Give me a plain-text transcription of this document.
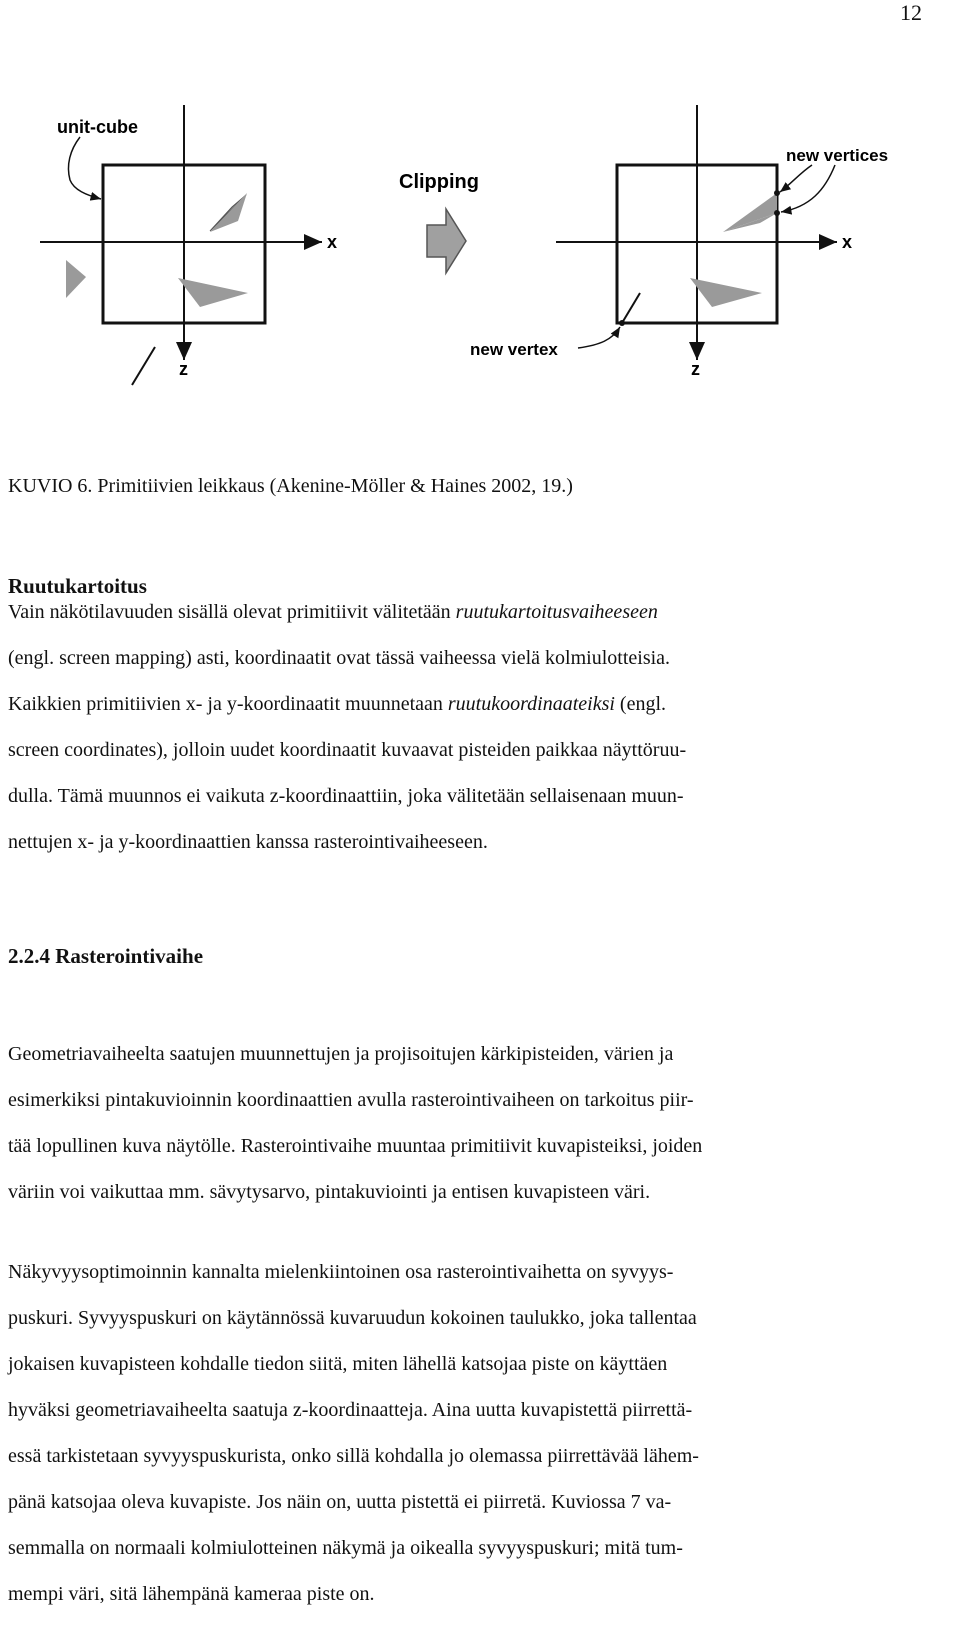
12
unit-cube
x
z
Clipping
new vertices
new vertex
x
z
KUVIO 6. Primitiivien leikkaus (Akenine-Möller & Haines 2002, 19.)
Ruutukartoitus
Vain näkötilavuuden sisällä olevat primitiivit välitetään ruutukartoitusvaiheeseen
(engl. screen mapping) asti, koordinaatit ovat tässä vaiheessa vielä kolmiulotteisia.
Kaikkien primitiivien x- ja y-koordinaatit muunnetaan ruutukoordinaateiksi (engl.
screen coordinates), jolloin uudet koordinaatit kuvaavat pisteiden paikkaa näyttöruu-
dulla. Tämä muunnos ei vaikuta z-koordinaattiin, joka välitetään sellaisenaan muun-
nettujen x- ja y-koordinaattien kanssa rasterointivaiheeseen.
2.2.4 Rasterointivaihe
Geometriavaiheelta saatujen muunnettujen ja projisoitujen kärkipisteiden, värien ja
esimerkiksi pintakuvioinnin koordinaattien avulla rasterointivaiheen on tarkoitus piir-
tää lopullinen kuva näytölle. Rasterointivaihe muuntaa primitiivit kuvapisteiksi, joiden
väriin voi vaikuttaa mm. sävytysarvo, pintakuviointi ja entisen kuvapisteen väri.
Näkyvyysoptimoinnin kannalta mielenkiintoinen osa rasterointivaihetta on syvyys-
puskuri. Syvyyspuskuri on käytännössä kuvaruudun kokoinen taulukko, joka tallentaa
jokaisen kuvapisteen kohdalle tiedon siitä, miten lähellä katsojaa piste on käyttäen
hyväksi geometriavaiheelta saatuja z-koordinaatteja. Aina uutta kuvapistettä piirrettä-
essä tarkistetaan syvyyspuskurista, onko sillä kohdalla jo olemassa piirrettävää lähem-
pänä katsojaa oleva kuvapiste. Jos näin on, uutta pistettä ei piirretä. Kuviossa 7 va-
semmalla on normaali kolmiulotteinen näkymä ja oikealla syvyyspuskuri; mitä tum-
mempi väri, sitä lähempänä kameraa piste on.
